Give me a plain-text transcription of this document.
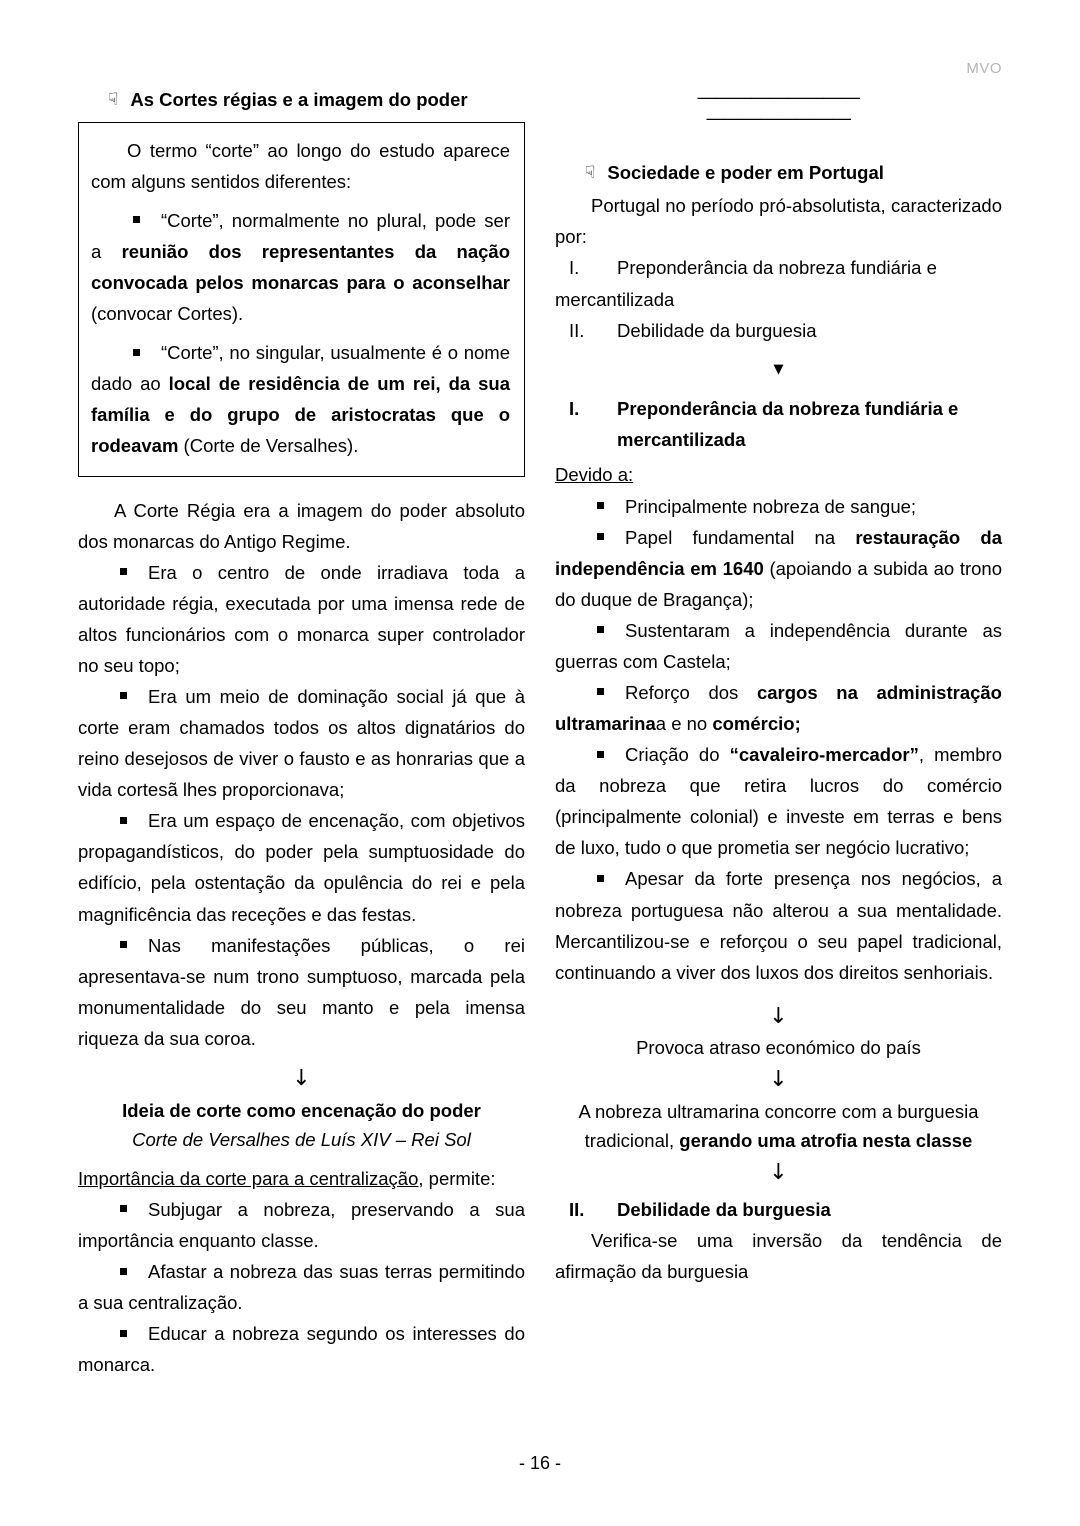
MVO
☟ As Cortes régias e a imagem do poder

O termo “corte” ao longo do estudo aparece com alguns sentidos diferentes:

“Corte”, normalmente no plural, pode ser a reunião dos representantes da nação convocada pelos monarcas para o aconselhar (convocar Cortes).
“Corte”, no singular, usualmente é o nome dado ao local de residência de um rei, da sua família e do grupo de aristocratas que o rodeavam (Corte de Versalhes).

A Corte Régia era a imagem do poder absoluto dos monarcas do Antigo Regime.

Era o centro de onde irradiava toda a autoridade régia, executada por uma imensa rede de altos funcionários com o monarca super controlador no seu topo;
Era um meio de dominação social já que à corte eram chamados todos os altos dignatários do reino desejosos de viver o fausto e as honrarias que a vida cortesã lhes proporcionava;
Era um espaço de encenação, com objetivos propagandísticos, do poder pela sumptuosidade do edifício, pela ostentação da opulência do rei e pela magnificência das receções e das festas.
Nas manifestações públicas, o rei apresentava-se num trono sumptuoso, marcada pela monumentalidade do seu manto e pela imensa riqueza da sua coroa.
↓
Ideia de corte como encenação do poder
Corte de Versalhes de Luís XIV – Rei Sol

Importância da corte para a centralização, permite:

Subjugar a nobreza, preservando a sua importância enquanto classe.
Afastar a nobreza das suas terras permitindo a sua centralização.
Educar a nobreza segundo os interesses do monarca.
—————————
————————
☟ Sociedade e poder em Portugal

Portugal no período pró-absolutista, caracterizado por:

I.	Preponderância da nobreza fundiária e mercantilizada
II.	Debilidade da burguesia
▼
I.	Preponderância da nobreza fundiária e
mercantilizada

Devido a:

Principalmente nobreza de sangue;
Papel fundamental na restauração da independência em 1640 (apoiando a subida ao trono do duque de Bragança);
Sustentaram a independência durante as guerras com Castela;
Reforço dos cargos na administração ultramarinaa e no comércio;
Criação do “cavaleiro-mercador”, membro da nobreza que retira lucros do comércio (principalmente colonial) e investe em terras e bens de luxo, tudo o que prometia ser negócio lucrativo;
Apesar da forte presença nos negócios, a nobreza portuguesa não alterou a sua mentalidade. Mercantilizou-se e reforçou o seu papel tradicional, continuando a viver dos luxos dos direitos senhoriais.
↓
Provoca atraso económico do país
↓
A nobreza ultramarina concorre com a burguesia tradicional, gerando uma atrofia nesta classe
↓
II.	Debilidade da burguesia

Verifica-se uma inversão da tendência de afirmação da burguesia

- 16 -
